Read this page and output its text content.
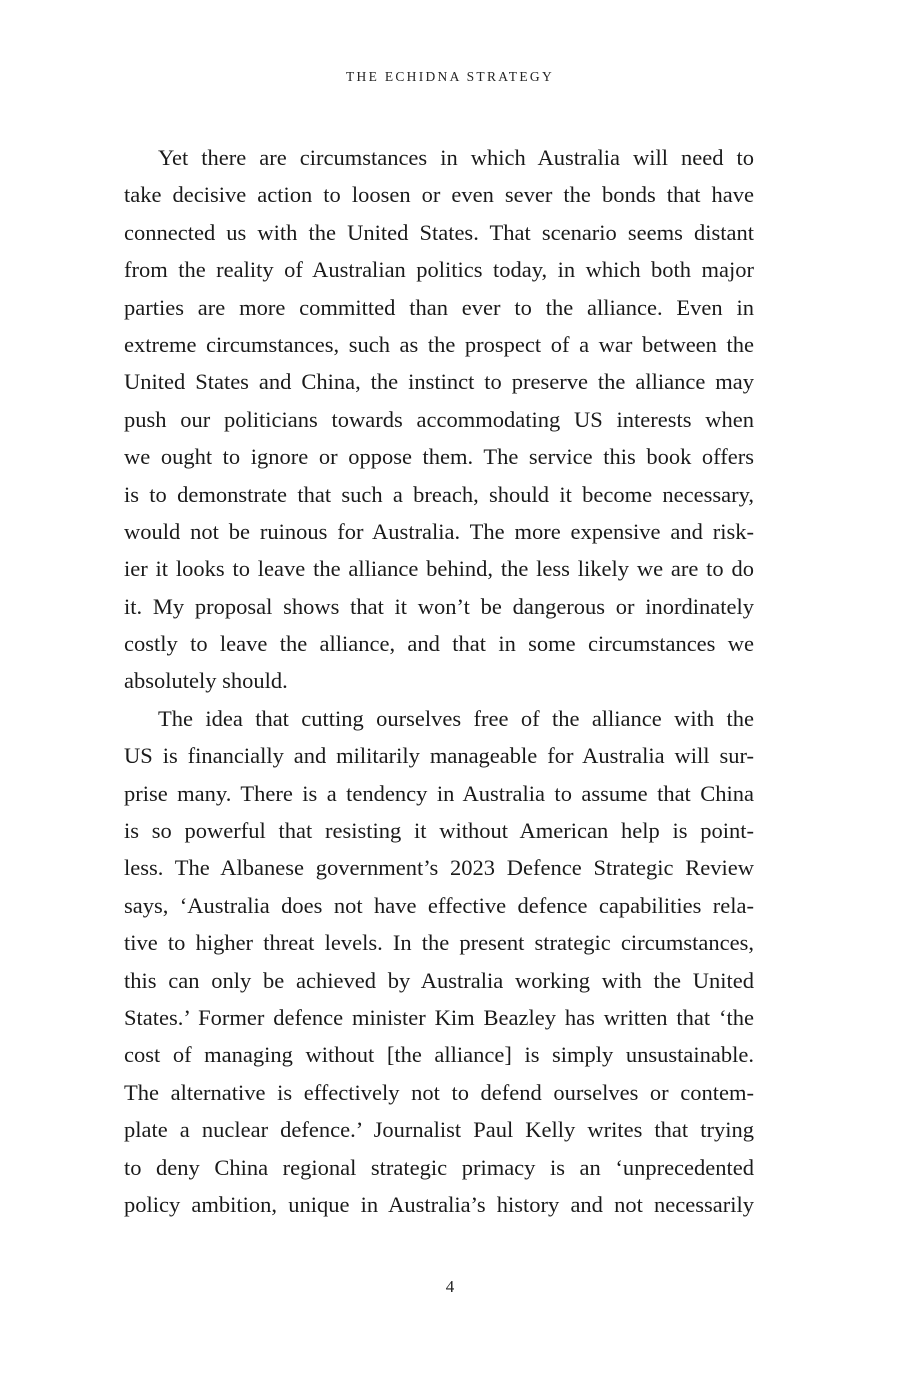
THE ECHIDNA STRATEGY
Yet there are circumstances in which Australia will need to
take decisive action to loosen or even sever the bonds that have
connected us with the United States. That scenario seems distant
from the reality of Australian politics today, in which both major
parties are more committed than ever to the alliance. Even in
extreme circumstances, such as the prospect of a war between the
United States and China, the instinct to preserve the alliance may
push our politicians towards accommodating US interests when
we ought to ignore or oppose them. The service this book offers
is to demonstrate that such a breach, should it become necessary,
would not be ruinous for Australia. The more expensive and risk-
ier it looks to leave the alliance behind, the less likely we are to do
it. My proposal shows that it won’t be dangerous or inordinately
costly to leave the alliance, and that in some circumstances we
absolutely should.
The idea that cutting ourselves free of the alliance with the
US is financially and militarily manageable for Australia will sur-
prise many. There is a tendency in Australia to assume that China
is so powerful that resisting it without American help is point-
less. The Albanese government’s 2023 Defence Strategic Review
says, ‘Australia does not have effective defence capabilities rela-
tive to higher threat levels. In the present strategic circumstances,
this can only be achieved by Australia working with the United
States.’ Former defence minister Kim Beazley has written that ‘the
cost of managing without [the alliance] is simply unsustainable.
The alternative is effectively not to defend ourselves or contem-
plate a nuclear defence.’ Journalist Paul Kelly writes that trying
to deny China regional strategic primacy is an ‘unprecedented
policy ambition, unique in Australia’s history and not necessarily
4
